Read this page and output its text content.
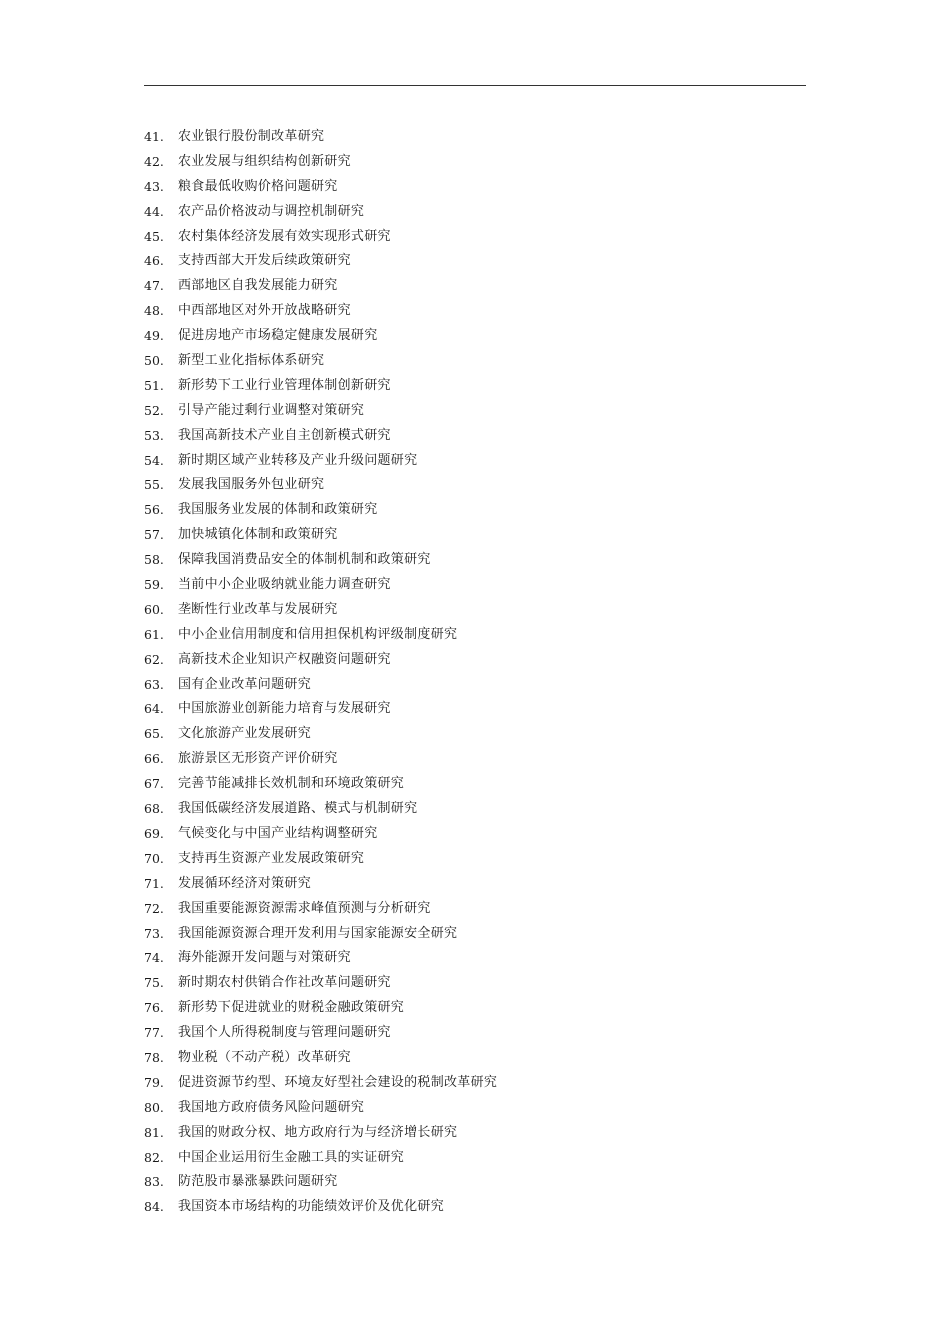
41.	农业银行股份制改革研究
42.	农业发展与组织结构创新研究
43.	粮食最低收购价格问题研究
44.	农产品价格波动与调控机制研究
45.	农村集体经济发展有效实现形式研究
46.	支持西部大开发后续政策研究
47.	西部地区自我发展能力研究
48.	中西部地区对外开放战略研究
49.	促进房地产市场稳定健康发展研究
50.	新型工业化指标体系研究
51.	新形势下工业行业管理体制创新研究
52.	引导产能过剩行业调整对策研究
53.	我国高新技术产业自主创新模式研究
54.	新时期区域产业转移及产业升级问题研究
55.	发展我国服务外包业研究
56.	我国服务业发展的体制和政策研究
57.	加快城镇化体制和政策研究
58.	保障我国消费品安全的体制机制和政策研究
59.	当前中小企业吸纳就业能力调查研究
60.	垄断性行业改革与发展研究
61.	中小企业信用制度和信用担保机构评级制度研究
62.	高新技术企业知识产权融资问题研究
63.	国有企业改革问题研究
64.	中国旅游业创新能力培育与发展研究
65.	文化旅游产业发展研究
66.	旅游景区无形资产评价研究
67.	完善节能减排长效机制和环境政策研究
68.	我国低碳经济发展道路、模式与机制研究
69.	气候变化与中国产业结构调整研究
70.	支持再生资源产业发展政策研究
71.	发展循环经济对策研究
72.	我国重要能源资源需求峰值预测与分析研究
73.	我国能源资源合理开发利用与国家能源安全研究
74.	海外能源开发问题与对策研究
75.	新时期农村供销合作社改革问题研究
76.	新形势下促进就业的财税金融政策研究
77.	我国个人所得税制度与管理问题研究
78.	物业税（不动产税）改革研究
79.	促进资源节约型、环境友好型社会建设的税制改革研究
80.	我国地方政府债务风险问题研究
81.	我国的财政分权、地方政府行为与经济增长研究
82.	中国企业运用衍生金融工具的实证研究
83.	防范股市暴涨暴跌问题研究
84.	我国资本市场结构的功能绩效评价及优化研究
